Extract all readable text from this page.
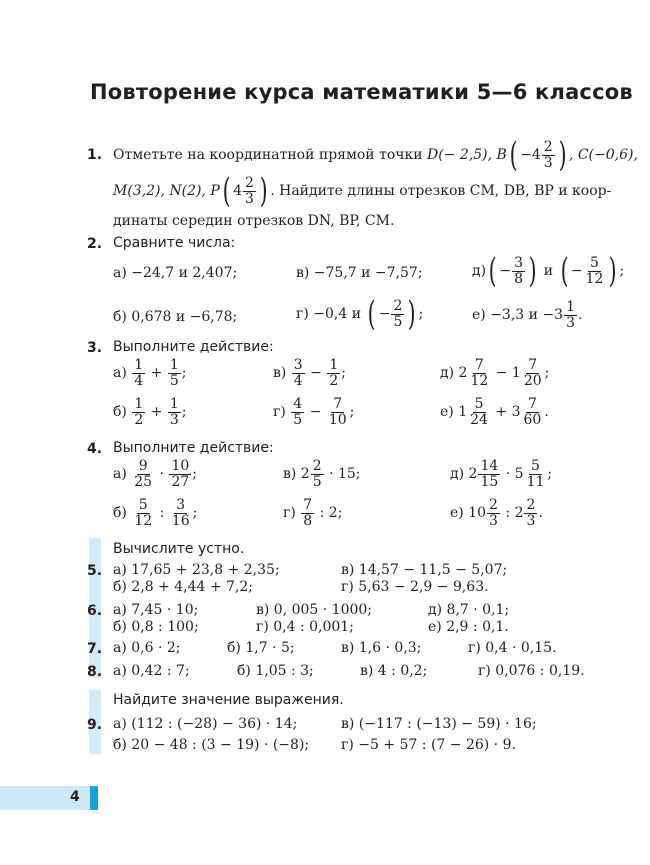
Повторение курса математики 5—6 классов
1. Отметьте на координатной прямой точки D(− 2,5), $B( -4 \frac{2}{3}$ ) , C(−0,6),
M(3,2), N(2), P( $4 \frac{2}{3}$ ) . Найдите длины отрезков CM, DB, BP и коор-
динаты середин отрезков DN, BP, CM.
2. Сравните числа:
а) −24,7 и 2,407;	в) −75,7 и −7,57;	$д)( - \frac{3}{8}$ ) и ( − $\frac{5}{12}$ ) ;
б) 0,678 и −6,78;	г) −0,4 и ( − $\frac{2}{5}$ ) ;	е) −3,3 $и -3 \frac{1}{3}$ .
3. Выполните действие:
$а) \frac{1}{4} + \frac{1}{5}$ ;	$в) \frac{3}{4} - \frac{1}{2}$ ;	д) $2 \frac{7}{12} - 1 \frac{7}{20}$ ;
$б) \frac{1}{2} + \frac{1}{3}$ ;	$г) \frac{4}{5} - \frac{7}{10}$ ;	е) $1 \frac{5}{24} + 3 \frac{7}{60}$ .
4. Выполните действие:
$а) \frac{9}{25} \cdot \frac{10}{27}$ ;	в) $2 \frac{2}{5} \cdot 15$;	д) $2 \frac{14}{15} \cdot 5 \frac{5}{11}$ ;
$б) \frac{5}{12}$ : $\frac{3}{16}$ ;	$г) \frac{7}{8}$ : 2;	е) $10 \frac{2}{3}$ : $2 \frac{2}{3}$ .
Вычислите устно.
5. а) 17,65 + 23,8 + 2,35;	в) 14,57 − 11,5 − 5,07;
б) 2,8 + 4,44 + 7,2;	г) 5,63 − 2,9 − 9,63.
6. а) 7,45 · 10;	в) 0, 005 · 1000;	д) 8,7 · 0,1;
б) 0,8 : 100;	г) 0,4 : 0,001;	е) 2,9 : 0,1.
7. а) 0,6 · 2;	б) 1,7 · 5;	в) 1,6 · 0,3;	г) 0,4 · 0,15.
8. а) 0,42 : 7;	б) 1,05 : 3;	в) 4 : 0,2;	г) 0,076 : 0,19.
Найдите значение выражения.
9. а) (112 : (−28) − 36) · 14;	в) (−117 : (−13) − 59) · 16;
б) 20 − 48 : (3 − 19) · (−8); г) −5 + 57 : (7 − 26) · 9.
4
